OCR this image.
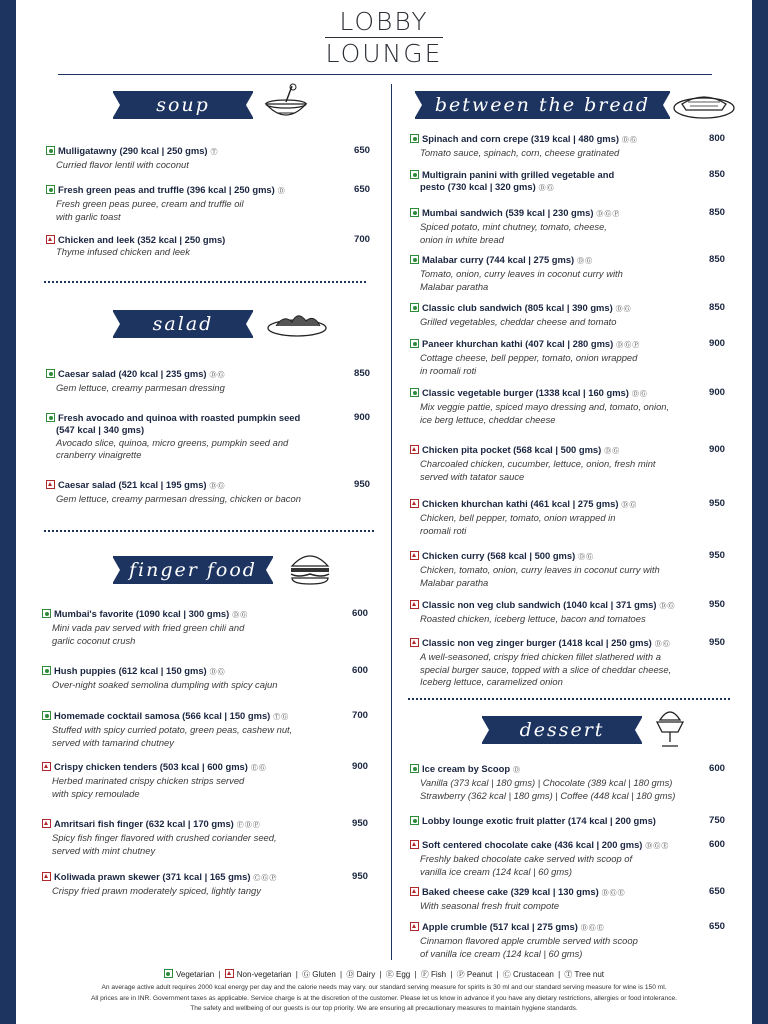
LOBBY
LOUNGE
soup
salad
finger food
between the bread
dessert
Mulligatawny (290 kcal | 250 gms) Ⓣ
Curried flavor lentil with coconut
650
Fresh green peas and truffle (396 kcal | 250 gms) Ⓓ
Fresh green peas puree, cream and truffle oil
with garlic toast
650
Chicken and leek (352 kcal | 250 gms)
Thyme infused chicken and leek
700
Caesar salad (420 kcal | 235 gms) ⒹⒼ
Gem lettuce, creamy parmesan dressing
850
Fresh avocado and quinoa with roasted pumpkin seed
(547 kcal | 340 gms)
Avocado slice, quinoa, micro greens, pumpkin seed and
cranberry vinaigrette
900
Caesar salad (521 kcal | 195 gms) ⒹⒼ
Gem lettuce, creamy parmesan dressing, chicken or bacon
950
Mumbai's favorite (1090 kcal | 300 gms) ⒹⒼ
Mini vada pav served with fried green chili and
garlic coconut crush
600
Hush puppies (612 kcal | 150 gms) ⒹⒼ
Over-night soaked semolina dumpling with spicy cajun
600
Homemade cocktail samosa (566 kcal | 150 gms) ⓉⒼ
Stuffed with spicy curried potato, green peas, cashew nut,
served with tamarind chutney
700
Crispy chicken tenders (503 kcal | 600 gms) ⒺⒼ
Herbed marinated crispy chicken strips served
with spicy remoulade
900
Amritsari fish finger (632 kcal | 170 gms) ⒻⒹⓅ
Spicy fish finger flavored with crushed coriander seed,
served with mint chutney
950
Koliwada prawn skewer (371 kcal | 165 gms) ⒸⒼⓅ
Crispy fried prawn moderately spiced, lightly tangy
950
Spinach and corn crepe (319 kcal | 480 gms) ⒹⒼ
Tomato sauce, spinach, corn, cheese gratinated
800
Multigrain panini with grilled vegetable and
pesto (730 kcal | 320 gms) ⒹⒼ
850
Mumbai sandwich (539 kcal | 230 gms) ⒹⒼⓅ
Spiced potato, mint chutney, tomato, cheese,
onion in white bread
850
Malabar curry (744 kcal | 275 gms) ⒹⒼ
Tomato, onion, curry leaves in coconut curry with
Malabar paratha
850
Classic club sandwich (805 kcal | 390 gms) ⒹⒼ
Grilled vegetables, cheddar cheese and tomato
850
Paneer khurchan kathi (407 kcal | 280 gms) ⒹⒼⓅ
Cottage cheese, bell pepper, tomato, onion wrapped
in roomali roti
900
Classic vegetable burger (1338 kcal | 160 gms) ⒹⒼ
Mix veggie pattie, spiced mayo dressing and, tomato, onion,
ice berg lettuce, cheddar cheese
900
Chicken pita pocket (568 kcal | 500 gms) ⒹⒼ
Charcoaled chicken, cucumber, lettuce, onion, fresh mint
served with tatator sauce
900
Chicken khurchan kathi (461 kcal | 275 gms) ⒹⒼ
Chicken, bell pepper, tomato, onion wrapped in
roomali roti
950
Chicken curry (568 kcal | 500 gms) ⒹⒼ
Chicken, tomato, onion, curry leaves in coconut curry with
Malabar paratha
950
Classic non veg club sandwich (1040 kcal | 371 gms) ⒹⒼ
Roasted chicken, iceberg lettuce, bacon and tomatoes
950
Classic non veg zinger burger (1418 kcal | 250 gms) ⒹⒼ
A well-seasoned, crispy fried chicken fillet slathered with a
special burger sauce, topped with a slice of cheddar cheese,
Iceberg lettuce, caramelized onion
950
Ice cream by Scoop Ⓓ
Vanilla (373 kcal | 180 gms) | Chocolate (389 kcal | 180 gms)
Strawberry (362 kcal | 180 gms) | Coffee (448 kcal | 180 gms)
600
Lobby lounge exotic fruit platter (174 kcal | 200 gms)	750
Soft centered chocolate cake (436 kcal | 200 gms) ⒹⒼⒺ
Freshly baked chocolate cake served with scoop of
vanilla ice cream (124 kcal | 60 gms)
600
Baked cheese cake (329 kcal | 130 gms) ⒹⒼⒺ
With seasonal fresh fruit compote
650
Apple crumble (517 kcal | 275 gms) ⒹⒼⒺ
Cinnamon flavored apple crumble served with scoop
of vanilla ice cream (124 kcal | 60 gms)
650
Vegetarian | Non-vegetarian | Ⓖ Gluten | Ⓓ Dairy | Ⓔ Egg | Ⓕ Fish | Ⓟ Peanut | Ⓒ Crustacean | Ⓣ Tree nut
An average active adult requires 2000 kcal energy per day and the calorie needs may vary. our standard serving measure for spirits is 30 ml and our standard serving measure for wine is 150 ml.
All prices are in INR. Government taxes as applicable. Service charge is at the discretion of the customer. Please let us know in advance if you have any dietary restrictions, allergies or food intolerance.
The safety and wellbeing of our guests is our top priority. We are ensuring all precautionary measures to maintain hygiene standards.
